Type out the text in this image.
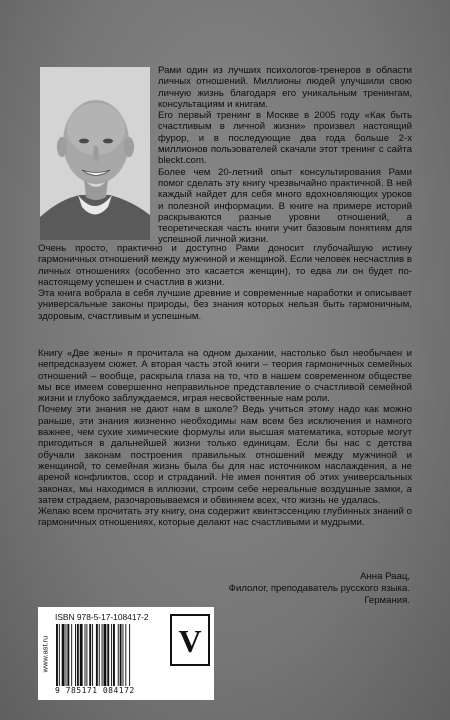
Рами один из лучших психологов-тренеров в области личных отношений. Миллионы людей улучшили свою личную жизнь благодаря его уникальным тренингам, консультациям и книгам.

Его первый тренинг в Москве в 2005 году «Как быть счастливым в личной жизни» произвел настоящий фурор, и в последующие два года больше 2-х миллионов пользователей скачали этот тренинг с сайта bleckt.com.

Более чем 20-летний опыт консультирования Рами помог сделать эту книгу чрезвычайно практичной. В ней каждый найдет для себя много вдохновляющих уроков и полезной информации. В книге на примере историй раскрываются разные уровни отношений, а теоретическая часть книги учит базовым понятиям для успешной личной жизни.

Очень просто, практично и доступно Рами доносит глубочайшую истину гармоничных отношений между мужчиной и женщиной. Если человек несчастлив в личных отношениях (особенно это касается женщин), то едва ли он будет по-настоящему успешен и счастлив в жизни.

Эта книга вобрала в себя лучшие древние и современные наработки и описывает универсальные законы природы, без знания которых нельзя быть гармоничным, здоровым, счастливым и успешным.

Книгу «Две жены» я прочитала на одном дыхании, настолько был необычаен и непредсказуем сюжет. А вторая часть этой книги – теория гармоничных семейных отношений – вообще, раскрыла глаза на то, что в нашем современном обществе мы все имеем совершенно неправильное представление о счастливой семейной жизни и глубоко заблуждаемся, играя несвойственные нам роли.

Почему эти знания не дают нам в школе? Ведь учиться этому надо как можно раньше, эти знания жизненно необходимы нам всем без исключения и намного важнее, чем сухие химические формулы или высшая математика, которые могут пригодиться в дальнейшей жизни только единицам. Если бы нас с детства обучали законам построения правильных отношений между мужчиной и женщиной, то семейная жизнь была бы для нас источником наслаждения, а не ареной конфликтов, ссор и страданий. Не имея понятия об этих универсальных законах, мы находимся в иллюзии, строим себе нереальные воздушные замки, а затем страдаем, разочаровываемся и обвиняем всех, что жизнь не удалась.

Желаю всем прочитать эту книгу, она содержит квинтэссенцию глубинных знаний о гармоничных отношениях, которые делают нас счастливыми и мудрыми.

Анна Раац,
Филолог, преподаватель русского языка.
Германия.
www.ast.ru
ISBN 978-5-17-108417-2
9 785171 084172
V
